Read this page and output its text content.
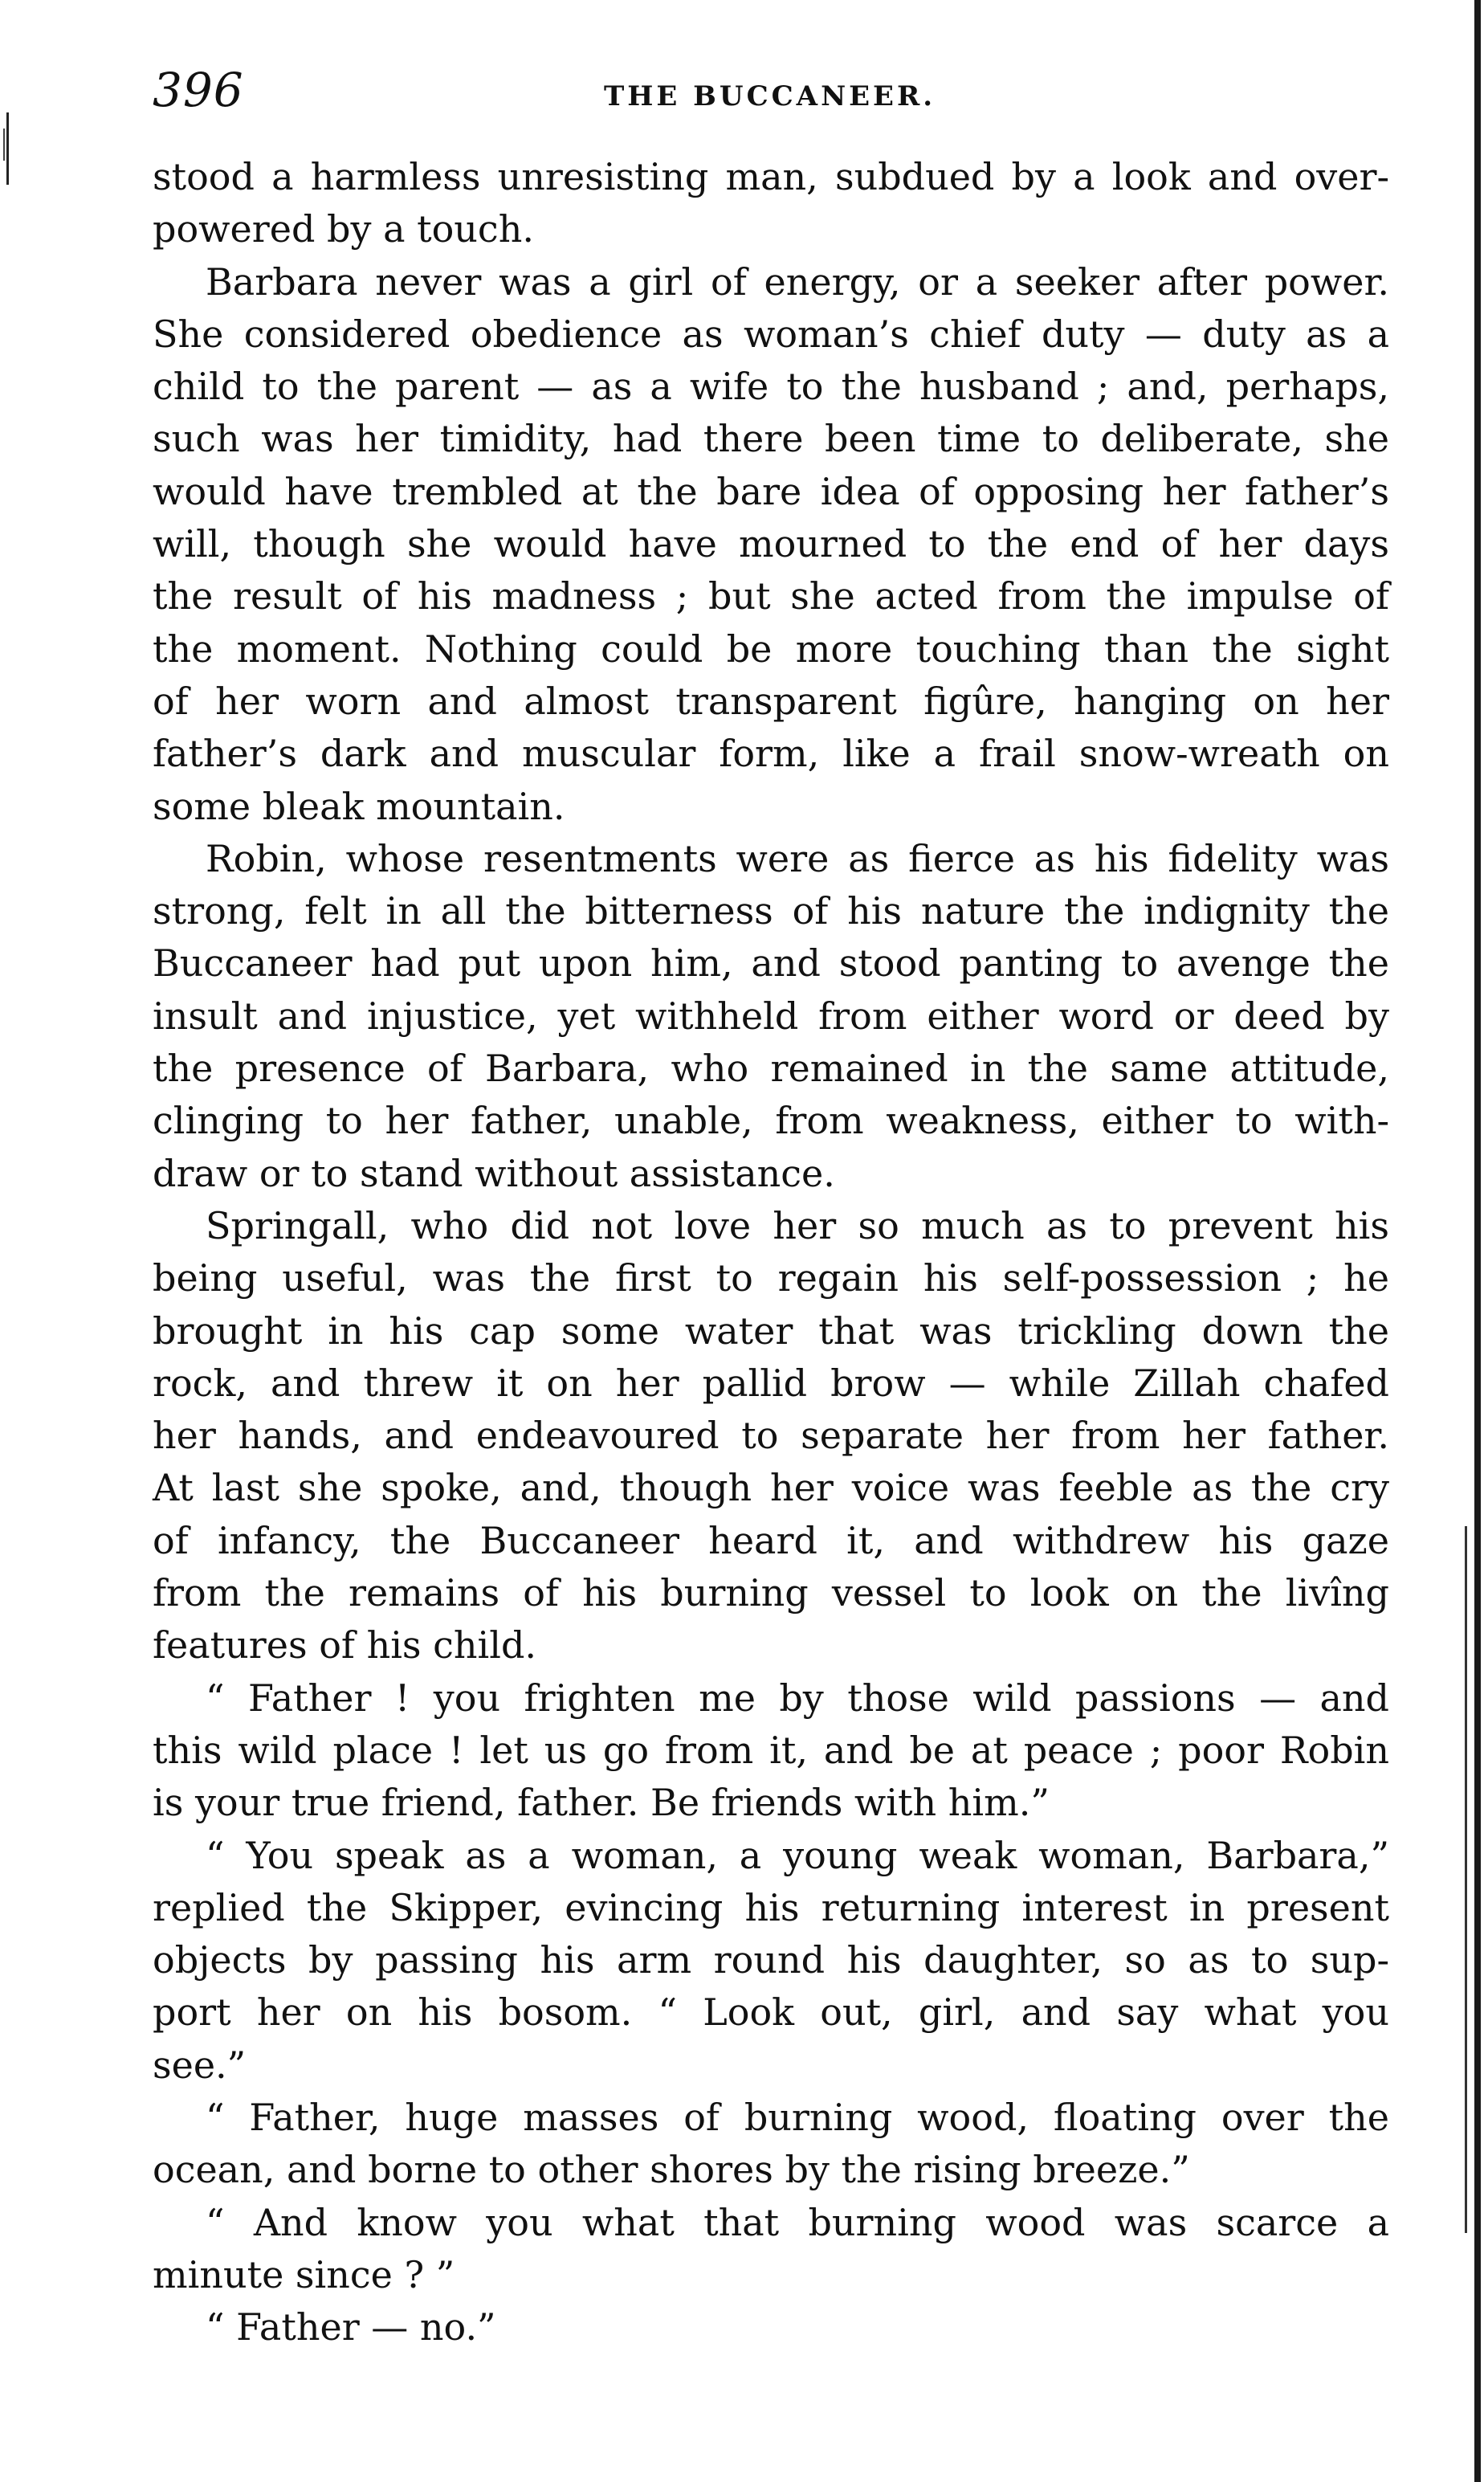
396	THE BUCCANEER.
stood a harmless unresisting man, subdued by a look and over-
powered by a touch.
Barbara never was a girl of energy, or a seeker after power.
She considered obedience as woman’s chief duty — duty as a
child to the parent — as a wife to the husband ; and, perhaps,
such was her timidity, had there been time to deliberate, she
would have trembled at the bare idea of opposing her father’s
will, though she would have mourned to the end of her days
the result of his madness ; but she acted from the impulse of
the moment. Nothing could be more touching than the sight
of her worn and almost transparent figûre, hanging on her
father’s dark and muscular form, like a frail snow-wreath on
some bleak mountain.
Robin, whose resentments were as fierce as his fidelity was
strong, felt in all the bitterness of his nature the indignity the
Buccaneer had put upon him, and stood panting to avenge the
insult and injustice, yet withheld from either word or deed by
the presence of Barbara, who remained in the same attitude,
clinging to her father, unable, from weakness, either to with-
draw or to stand without assistance.
Springall, who did not love her so much as to prevent his
being useful, was the first to regain his self-possession ; he
brought in his cap some water that was trickling down the
rock, and threw it on her pallid brow — while Zillah chafed
her hands, and endeavoured to separate her from her father.
At last she spoke, and, though her voice was feeble as the cry
of infancy, the Buccaneer heard it, and withdrew his gaze
from the remains of his burning vessel to look on the livîng
features of his child.
“ Father ! you frighten me by those wild passions — and
this wild place ! let us go from it, and be at peace ; poor Robin
is your true friend, father. Be friends with him.”
“ You speak as a woman, a young weak woman, Barbara,”
replied the Skipper, evincing his returning interest in present
objects by passing his arm round his daughter, so as to sup-
port her on his bosom. “ Look out, girl, and say what you
see.”
“ Father, huge masses of burning wood, floating over the
ocean, and borne to other shores by the rising breeze.”
“ And know you what that burning wood was scarce a
minute since ? ”
“ Father — no.”
